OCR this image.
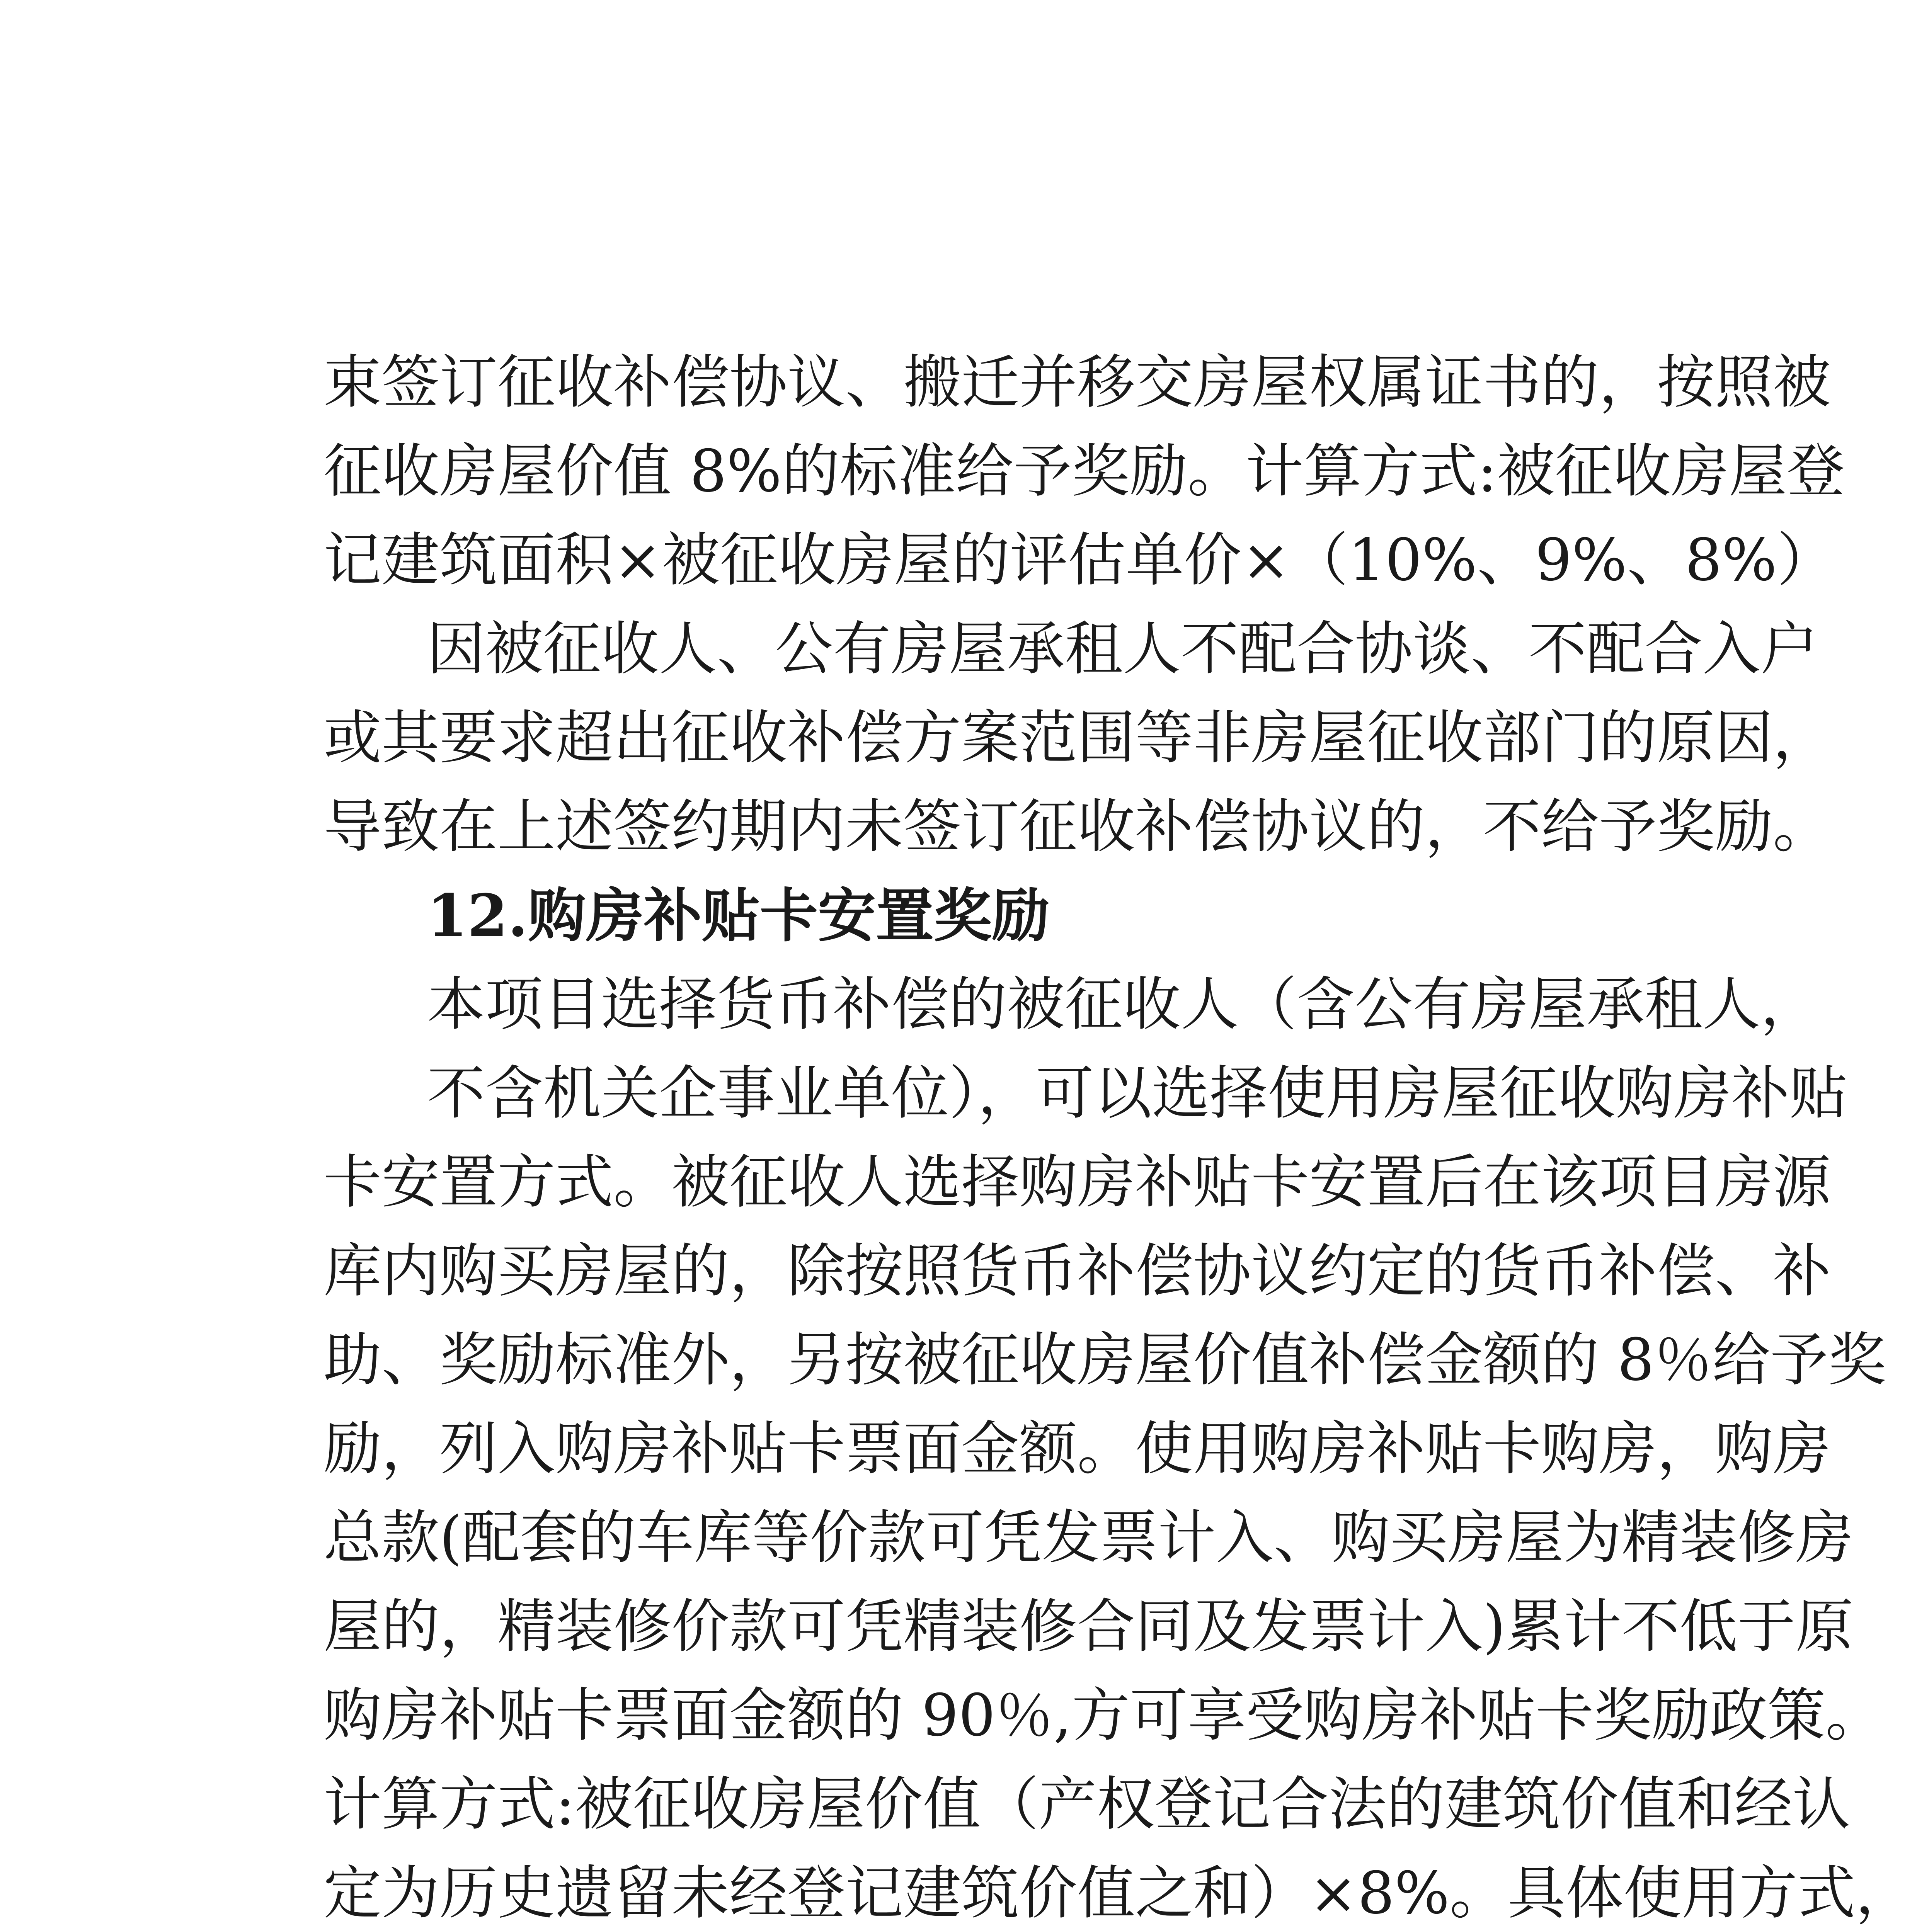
束签订征收补偿协议、搬迁并移交房屋权属证书的，按照被
征收房屋价值 8%的标准给予奖励。计算方式:被征收房屋登
记建筑面积×被征收房屋的评估单价×（10%、9%、8%）
因被征收人、公有房屋承租人不配合协谈、不配合入户
或其要求超出征收补偿方案范围等非房屋征收部门的原因，
导致在上述签约期内未签订征收补偿协议的，不给予奖励。
12.购房补贴卡安置奖励
本项目选择货币补偿的被征收人（含公有房屋承租人，
不含机关企事业单位），可以选择使用房屋征收购房补贴
卡安置方式。被征收人选择购房补贴卡安置后在该项目房源
库内购买房屋的，除按照货币补偿协议约定的货币补偿、补
助、奖励标准外，另按被征收房屋价值补偿金额的 8％给予奖
励，列入购房补贴卡票面金额。使用购房补贴卡购房，购房
总款(配套的车库等价款可凭发票计入、购买房屋为精装修房
屋的，精装修价款可凭精装修合同及发票计入)累计不低于原
购房补贴卡票面金额的 90％,方可享受购房补贴卡奖励政策。
计算方式:被征收房屋价值（产权登记合法的建筑价值和经认
定为历史遗留未经登记建筑价值之和）×8%。具体使用方式，
